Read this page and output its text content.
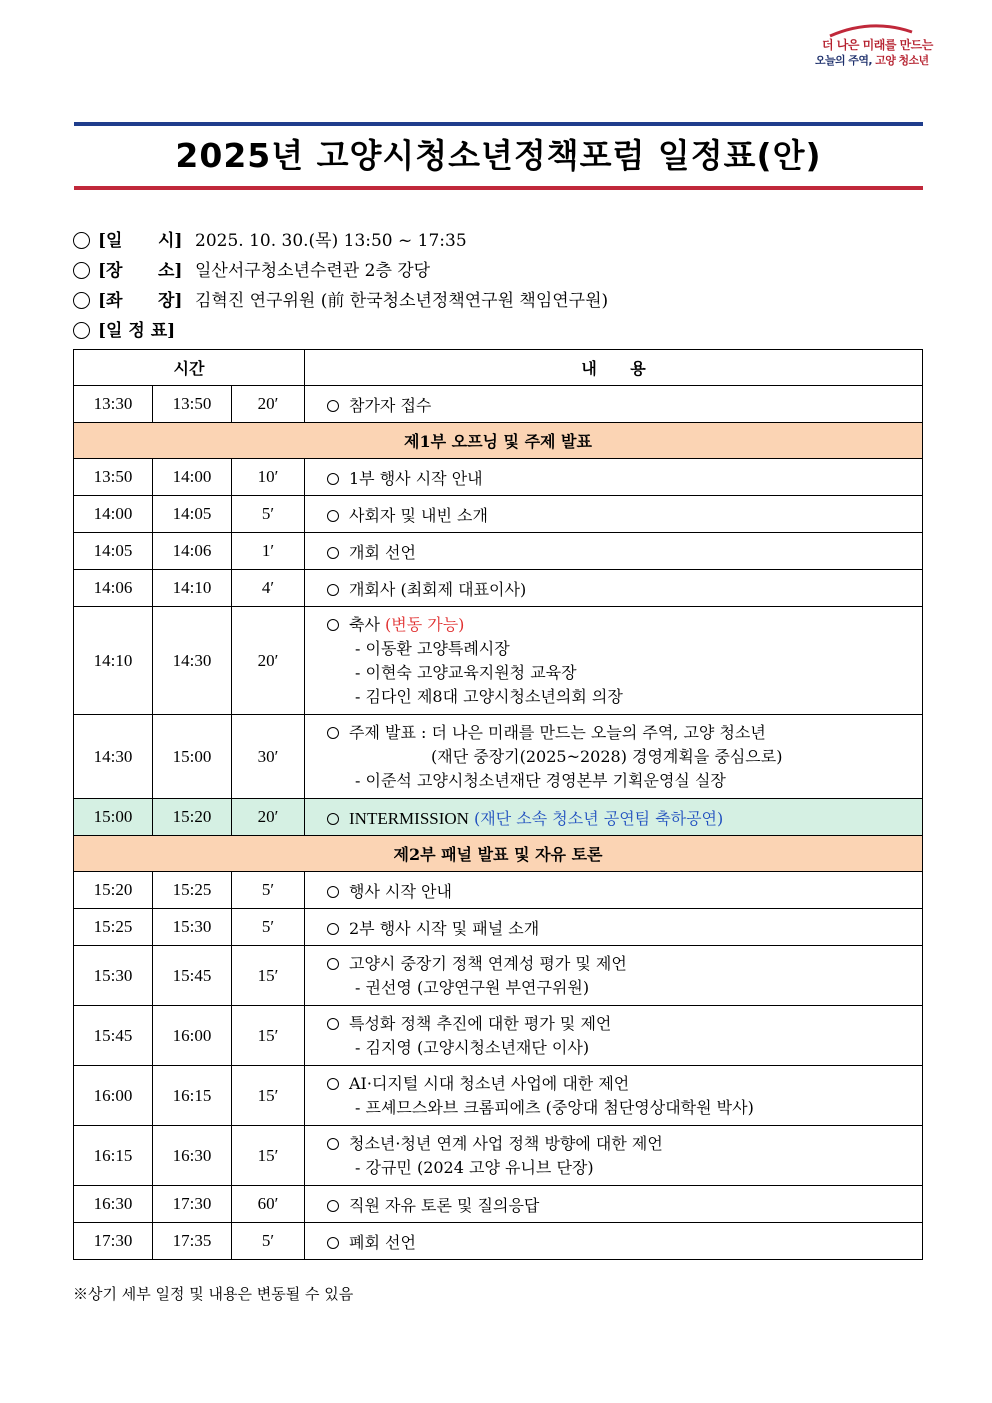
더 나은 미래를 만드는
오늘의 주역, 고양 청소년
2025년 고양시청소년정책포럼 일정표(안)
[일      시] 2025. 10. 30.(목) 13:50 ~ 17:35
[장      소] 일산서구청소년수련관 2층 강당
[좌      장] 김혁진 연구위원 (前 한국청소년정책연구원 책임연구원)
[일 정 표]
시간			내      용
13:30	13:50	20′	참가자 접수
제1부 오프닝 및 주제 발표			
13:50	14:00	10′	1부 행사 시작 안내
14:00	14:05	5′	사회자 및 내빈 소개
14:05	14:06	1′	개회 선언
14:06	14:10	4′	개회사 (최회제 대표이사)
14:10	14:30	20′	축사 (변동 가능)
- 이동환 고양특례시장
- 이현숙 고양교육지원청 교육장
- 김다인 제8대 고양시청소년의회 의장

14:30	15:00	30′	주제 발표 : 더 나은 미래를 만드는 오늘의 주역, 고양 청소년
(재단 중장기(2025~2028) 경영계획을 중심으로)
- 이준석 고양시청소년재단 경영본부 기획운영실 실장

15:00	15:20	20′	INTERMISSION (재단 소속 청소년 공연팀 축하공연)
제2부 패널 발표 및 자유 토론			
15:20	15:25	5′	행사 시작 안내
15:25	15:30	5′	2부 행사 시작 및 패널 소개
15:30	15:45	15′	고양시 중장기 정책 연계성 평가 및 제언
- 권선영 (고양연구원 부연구위원)

15:45	16:00	15′	특성화 정책 추진에 대한 평가 및 제언
- 김지영 (고양시청소년재단 이사)

16:00	16:15	15′	AI·디지털 시대 청소년 사업에 대한 제언
- 프셰므스와브 크롬피에츠 (중앙대 첨단영상대학원 박사)

16:15	16:30	15′	청소년·청년 연계 사업 정책 방향에 대한 제언
- 강규민 (2024 고양 유니브 단장)

16:30	17:30	60′	직원 자유 토론 및 질의응답
17:30	17:35	5′	폐회 선언
※상기 세부 일정 및 내용은 변동될 수 있음
